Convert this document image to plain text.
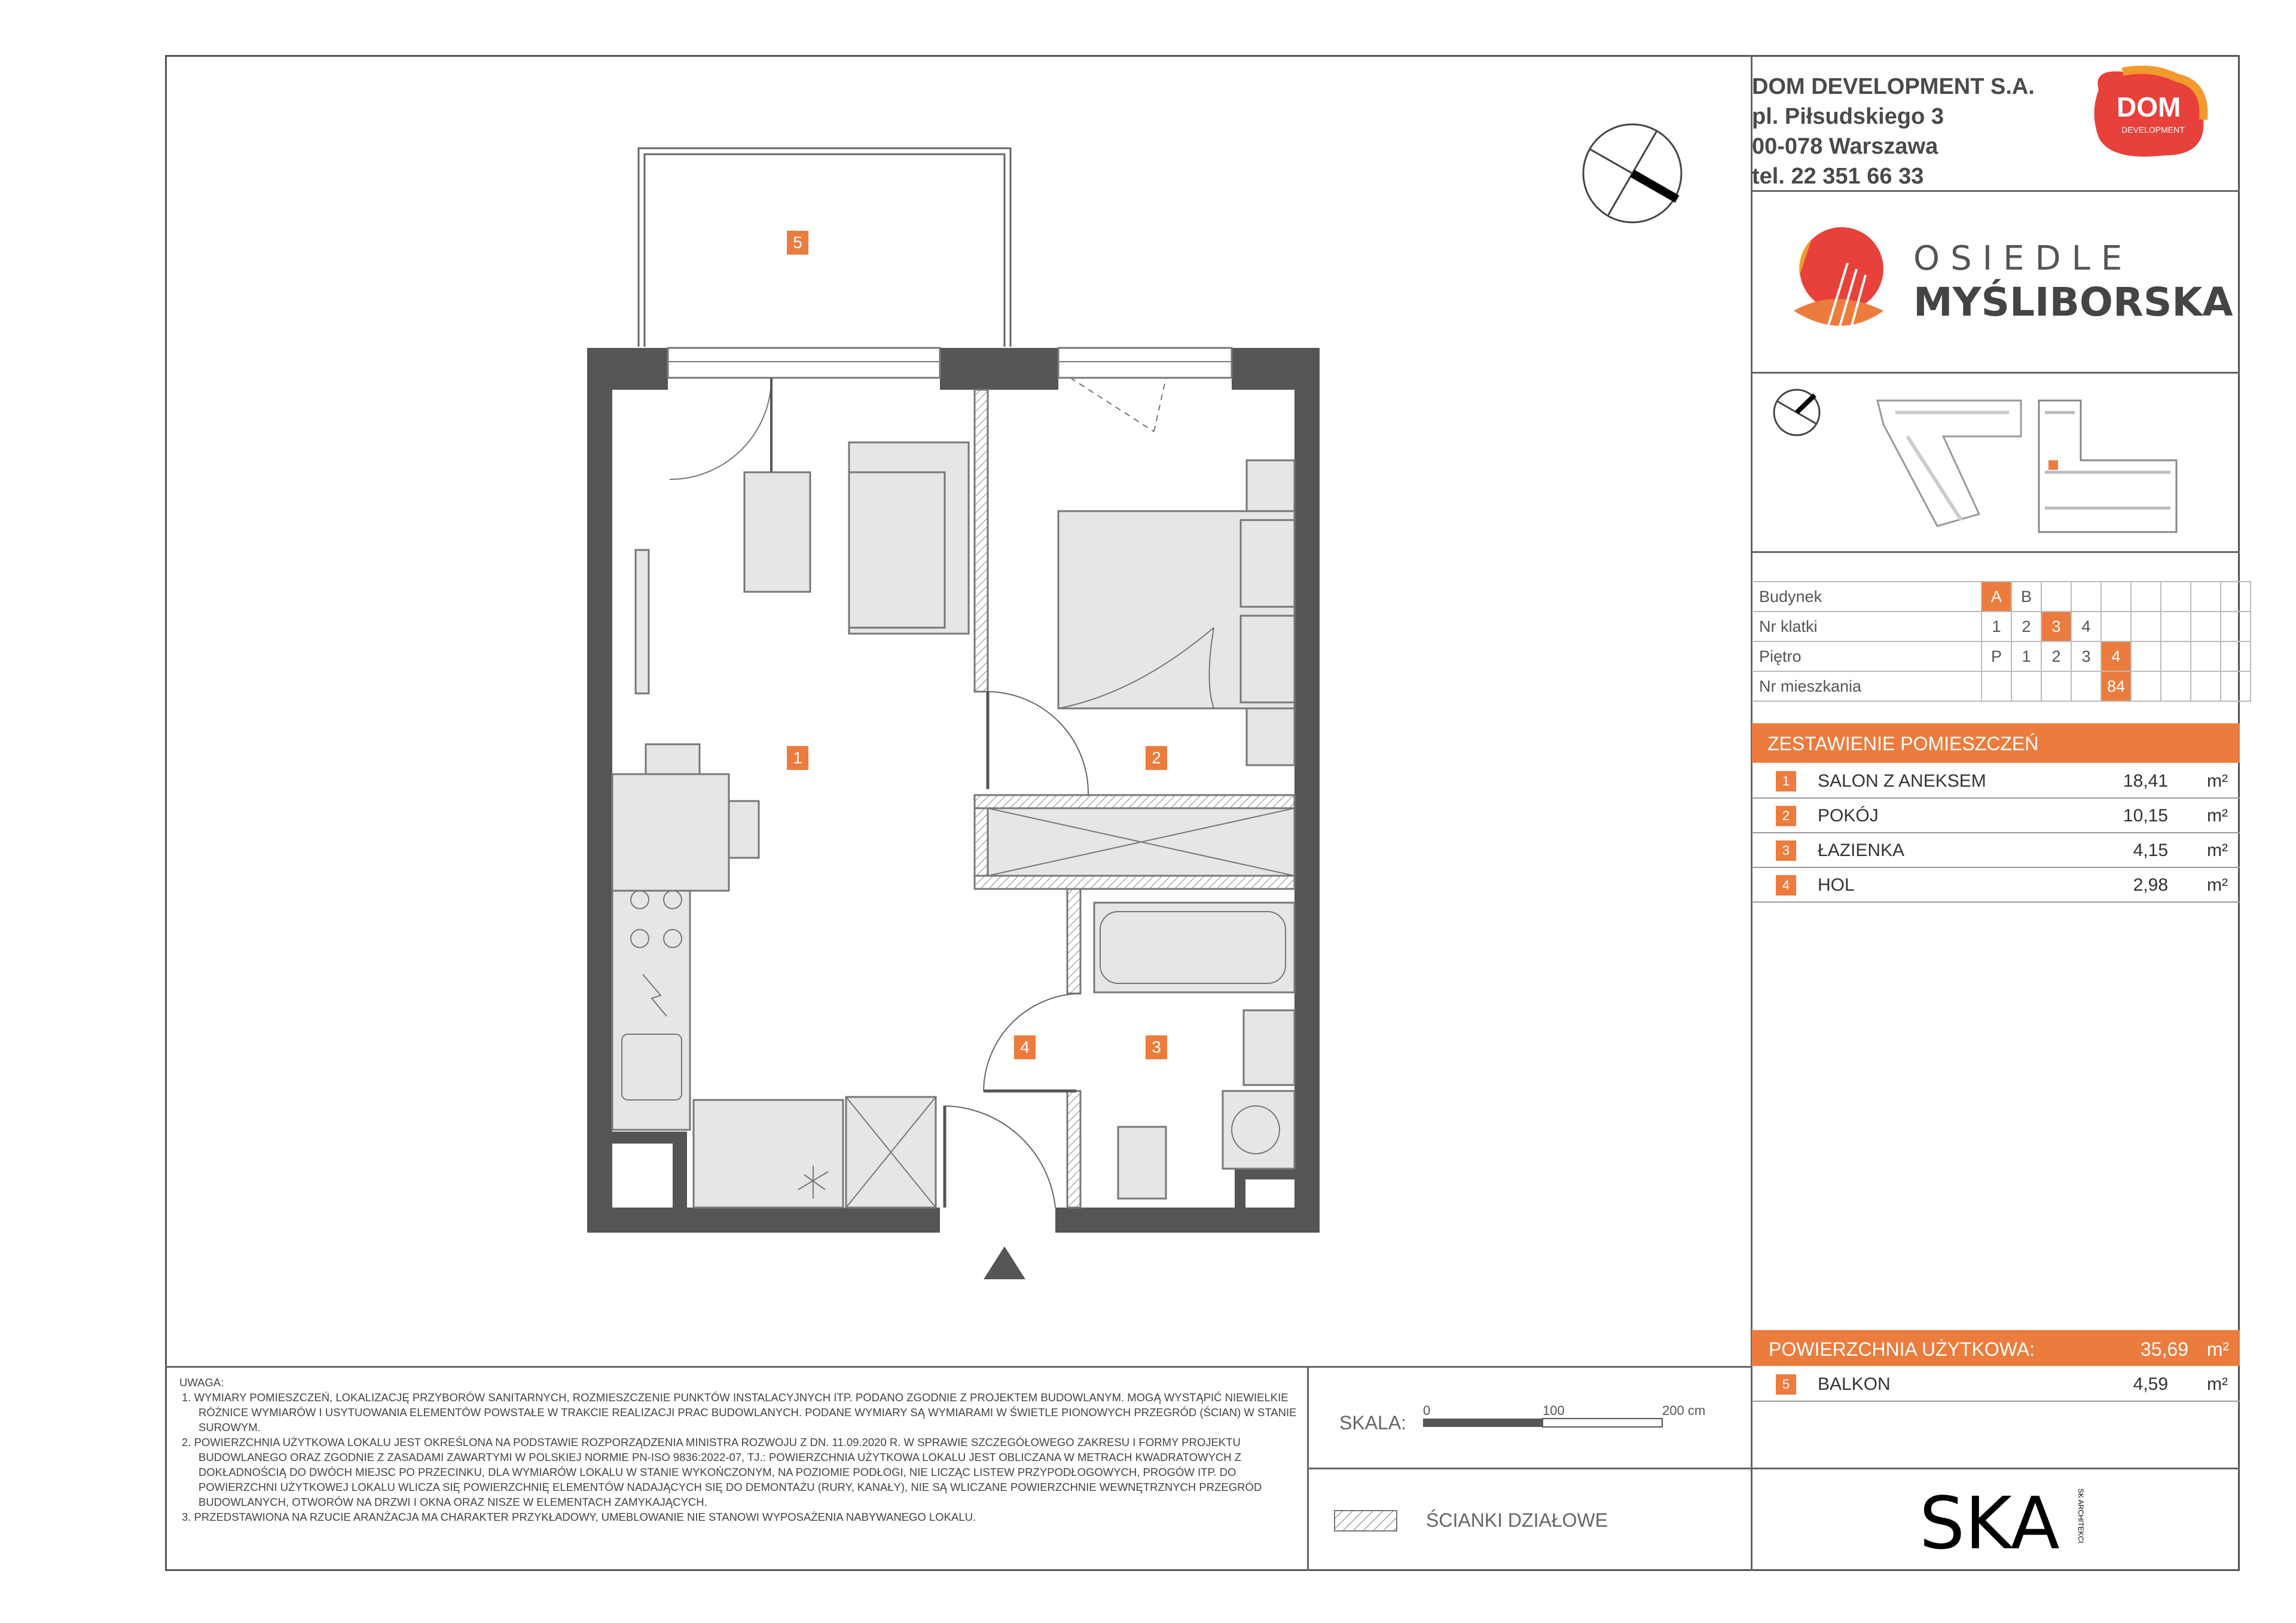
DOM DEVELOPMENT S.A.
pl. Piłsudskiego 3
00-078 Warszawa
tel. 22 351 66 33
DOM
DEVELOPMENT
OSIEDLE
MYŚLIBORSKA
Budynek	A	B							
Nr klatki	1	2	3	4					
Piętro	P	1	2	3	4				
Nr mieszkania					84				
ZESTAWIENIE POMIESZCZEŃ
1	SALON Z ANEKSEM	18,41 m²
2	POKÓJ	10,15 m²
3	ŁAZIENKA	4,15 m²
4	HOL	2,98 m²
POWIERZCHNIA UŻYTKOWA:	35,69 m²
5	BALKON	4,59 m²
SKALA:
0	100	200 cm
ŚCIANKI DZIAŁOWE	SKA SK ARCHITEKCI

UWAGA:

1. WYMIARY POMIESZCZEŃ, LOKALIZACJĘ PRZYBORÓW SANITARNYCH, ROZMIESZCZENIE PUNKTÓW INSTALACYJNYCH ITP. PODANO ZGODNIE Z PROJEKTEM BUDOWLANYM. MOGĄ WYSTĄPIĆ NIEWIELKIE RÓŻNICE WYMIARÓW I USYTUOWANIA ELEMENTÓW POWSTAŁE W TRAKCIE REALIZACJI PRAC BUDOWLANYCH. PODANE WYMIARY SĄ WYMIARAMI W ŚWIETLE PIONOWYCH PRZEGRÓD (ŚCIAN) W STANIE SUROWYM.

2. POWIERZCHNIA UŻYTKOWA LOKALU JEST OKREŚLONA NA PODSTAWIE ROZPORZĄDZENIA MINISTRA ROZWOJU Z DN. 11.09.2020 R. W SPRAWIE SZCZEGÓŁOWEGO ZAKRESU I FORMY PROJEKTU BUDOWLANEGO ORAZ ZGODNIE Z ZASADAMI ZAWARTYMI W POLSKIEJ NORMIE PN-ISO 9836:2022-07, TJ.: POWIERZCHNIA UŻYTKOWA LOKALU JEST OBLICZANA W METRACH KWADRATOWYCH Z DOKŁADNOŚCIĄ DO DWÓCH MIEJSC PO PRZECINKU, DLA WYMIARÓW LOKALU W STANIE WYKOŃCZONYM, NA POZIOMIE PODŁOGI, NIE LICZĄC LISTEW PRZYPODŁOGOWYCH, PROGÓW ITP. DO POWIERZCHNI UŻYTKOWEJ LOKALU WLICZA SIĘ POWIERZCHNIĘ ELEMENTÓW NADAJĄCYCH SIĘ DO DEMONTAŻU (RURY, KANAŁY), NIE SĄ WLICZANE POWIERZCHNIE WEWNĘTRZNYCH PRZEGRÓD BUDOWLANYCH, OTWORÓW NA DRZWI I OKNA ORAZ NISZE W ELEMENTACH ZAMYKAJĄCYCH.

3. PRZEDSTAWIONA NA RZUCIE ARANŻACJA MA CHARAKTER PRZYKŁADOWY, UMEBLOWANIE NIE STANOWI WYPOSAŻENIA NABYWANEGO LOKALU.

5
1	2
4	3
